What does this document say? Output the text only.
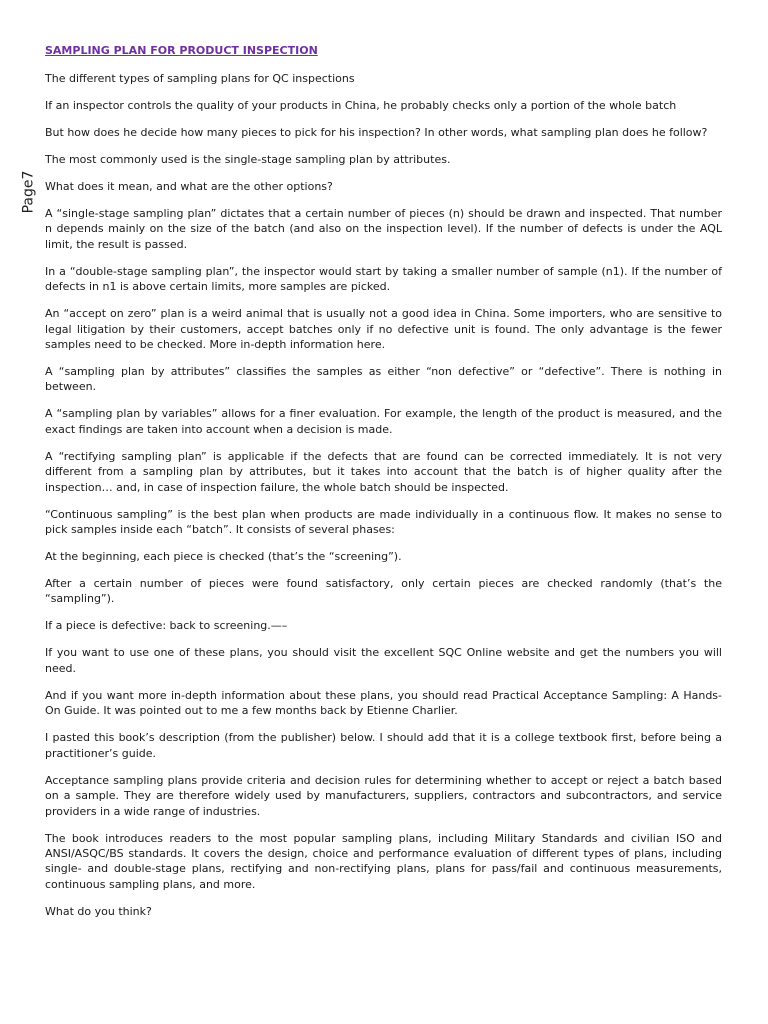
Page7
SAMPLING PLAN FOR PRODUCT INSPECTION

The different types of sampling plans for QC inspections

If an inspector controls the quality of your products in China, he probably checks only a portion of the whole batch

But how does he decide how many pieces to pick for his inspection? In other words, what sampling plan does he follow?

The most commonly used is the single-stage sampling plan by attributes.

What does it mean, and what are the other options?

A “single-stage sampling plan” dictates that a certain number of pieces (n) should be drawn and inspected. That number n depends mainly on the size of the batch (and also on the inspection level). If the number of defects is under the AQL limit, the result is passed.

In a “double-stage sampling plan”, the inspector would start by taking a smaller number of sample (n1). If the number of defects in n1 is above certain limits, more samples are picked.

An “accept on zero” plan is a weird animal that is usually not a good idea in China. Some importers, who are sensitive to legal litigation by their customers, accept batches only if no defective unit is found. The only advantage is the fewer samples need to be checked. More in-depth information here.

A “sampling plan by attributes” classifies the samples as either “non defective” or “defective”. There is nothing in between.

A “sampling plan by variables” allows for a finer evaluation. For example, the length of the product is measured, and the exact findings are taken into account when a decision is made.

A “rectifying sampling plan” is applicable if the defects that are found can be corrected immediately. It is not very different from a sampling plan by attributes, but it takes into account that the batch is of higher quality after the inspection… and, in case of inspection failure, the whole batch should be inspected.

“Continuous sampling” is the best plan when products are made individually in a continuous flow. It makes no sense to pick samples inside each “batch”. It consists of several phases:

At the beginning, each piece is checked (that’s the “screening”).

After a certain number of pieces were found satisfactory, only certain pieces are checked randomly (that’s the “sampling”).

If a piece is defective: back to screening.—–

If you want to use one of these plans, you should visit the excellent SQC Online website and get the numbers you will need.

And if you want more in-depth information about these plans, you should read Practical Acceptance Sampling: A Hands-On Guide. It was pointed out to me a few months back by Etienne Charlier.

I pasted this book’s description (from the publisher) below. I should add that it is a college textbook first, before being a practitioner’s guide.

Acceptance sampling plans provide criteria and decision rules for determining whether to accept or reject a batch based on a sample. They are therefore widely used by manufacturers, suppliers, contractors and subcontractors, and service providers in a wide range of industries.

The book introduces readers to the most popular sampling plans, including Military Standards and civilian ISO and ANSI/ASQC/BS standards. It covers the design, choice and performance evaluation of different types of plans, including single- and double-stage plans, rectifying and non-rectifying plans, plans for pass/fail and continuous measurements, continuous sampling plans, and more.

What do you think?
